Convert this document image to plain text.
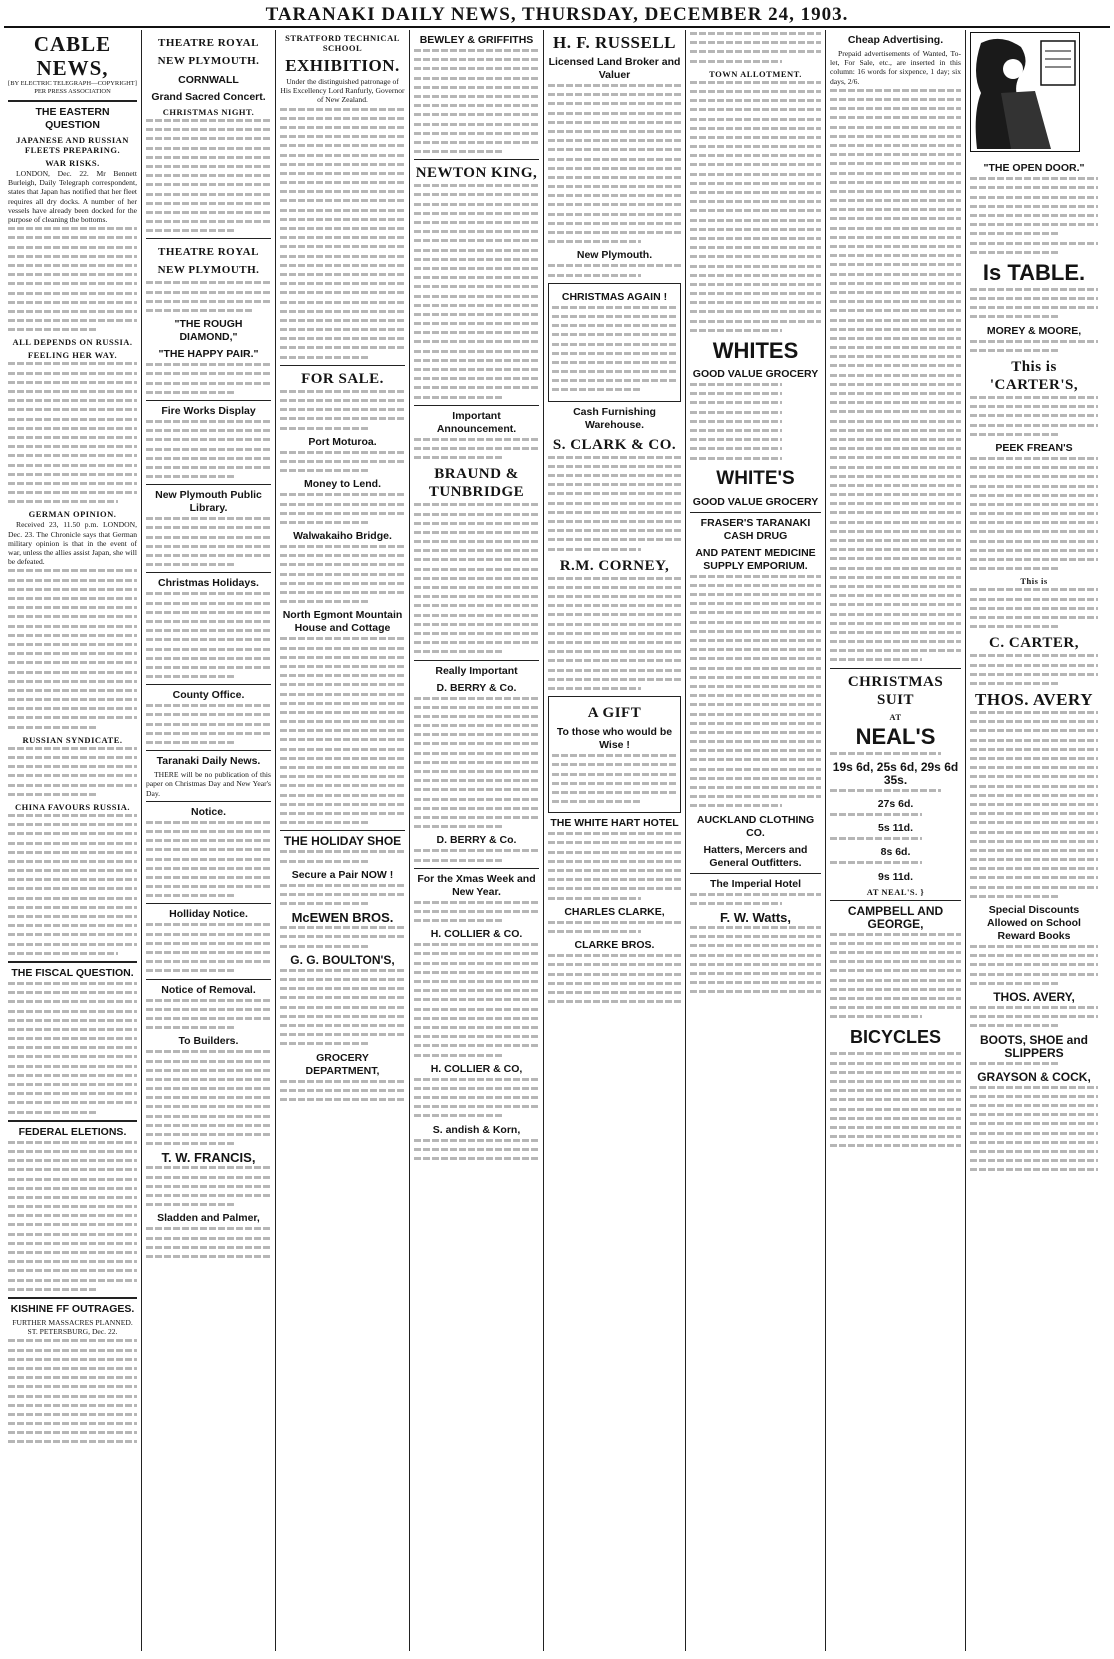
TARANAKI DAILY NEWS, THURSDAY, DECEMBER 24, 1903.
CABLE NEWS,
[BY ELECTRIC TELEGRAPH—COPYRIGHT] PER PRESS ASSOCIATION
THE EASTERN QUESTION
JAPANESE AND RUSSIAN FLEETS PREPARING.
WAR RISKS.

LONDON, Dec. 22. Mr Bennett Burleigh, Daily Telegraph correspondent, states that Japan has notified that her fleet requires all dry docks. A number of her vessels have already been docked for the purpose of cleaning the bottoms.

ALL DEPENDS ON RUSSIA.
FEELING HER WAY.
GERMAN OPINION.

Received 23, 11.50 p.m. LONDON, Dec. 23. The Chronicle says that German military opinion is that in the event of war, unless the allies assist Japan, she will be defeated.

RUSSIAN SYNDICATE.
CHINA FAVOURS RUSSIA.
THE FISCAL QUESTION.
FEDERAL ELETIONS.
KISHINE FF OUTRAGES.

FURTHER MASSACRES PLANNED. ST. PETERSBURG, Dec. 22.

THEATRE ROYAL NEW PLYMOUTH.
CORNWALL
Grand Sacred Concert.
CHRISTMAS NIGHT.
THEATRE ROYAL NEW PLYMOUTH.
"THE ROUGH DIAMOND,"
"THE HAPPY PAIR."
Fire Works Display
New Plymouth Public Library.
Christmas Holidays.
County Office.
Taranaki Daily News.

THERE will be no publication of this paper on Christmas Day and New Year's Day.

Notice.
Holliday Notice.
Notice of Removal.
To Builders.
T. W. FRANCIS,
Sladden and Palmer,
STRATFORD TECHNICAL SCHOOL
EXHIBITION.

Under the distinguished patronage of His Excellency Lord Ranfurly, Governor of New Zealand.

FOR SALE.
Port Moturoa.
Money to Lend.
Walwakaiho Bridge.
North Egmont Mountain House and Cottage
THE HOLIDAY SHOE
Secure a Pair NOW !
McEWEN BROS.
G. G. BOULTON'S,
GROCERY DEPARTMENT,
BEWLEY & GRIFFITHS
NEWTON KING,
Important Announcement.
BRAUND & TUNBRIDGE
Really Important
D. BERRY & Co.
D. BERRY & Co.
For the Xmas Week and New Year.
H. COLLIER & CO.
H. COLLIER & CO,
S. andish & Korn,
H. F. RUSSELL
Licensed Land Broker and Valuer
New Plymouth.
CHRISTMAS AGAIN !
Cash Furnishing Warehouse.
S. CLARK & CO.
R.M. CORNEY,
A GIFT
To those who would be Wise !
THE WHITE HART HOTEL
CHARLES CLARKE,
CLARKE BROS.
TOWN ALLOTMENT.
WHITES
GOOD VALUE GROCERY
WHITE'S
GOOD VALUE GROCERY
FRASER'S TARANAKI CASH DRUG
AND PATENT MEDICINE SUPPLY EMPORIUM.
AUCKLAND CLOTHING CO.
Hatters, Mercers and General Outfitters.
The Imperial Hotel
F. W. Watts,
Cheap Advertising.

Prepaid advertisements of Wanted, To-let, For Sale, etc., are inserted in this column: 16 words for sixpence, 1 day; six days, 2/6.

CHRISTMAS SUIT
AT
NEAL'S
19s 6d, 25s 6d, 29s 6d 35s.
27s 6d.
5s 11d.
8s 6d.
9s 11d.
AT NEAL'S. }
CAMPBELL AND GEORGE,
BICYCLES
"THE OPEN DOOR."
Is TABLE.
MOREY & MOORE,
This is 'CARTER'S,
PEEK FREAN'S
This is
C. CARTER,
THOS. AVERY
Special Discounts Allowed on School Reward Books
THOS. AVERY,
BOOTS, SHOE and SLIPPERS
GRAYSON & COCK,
